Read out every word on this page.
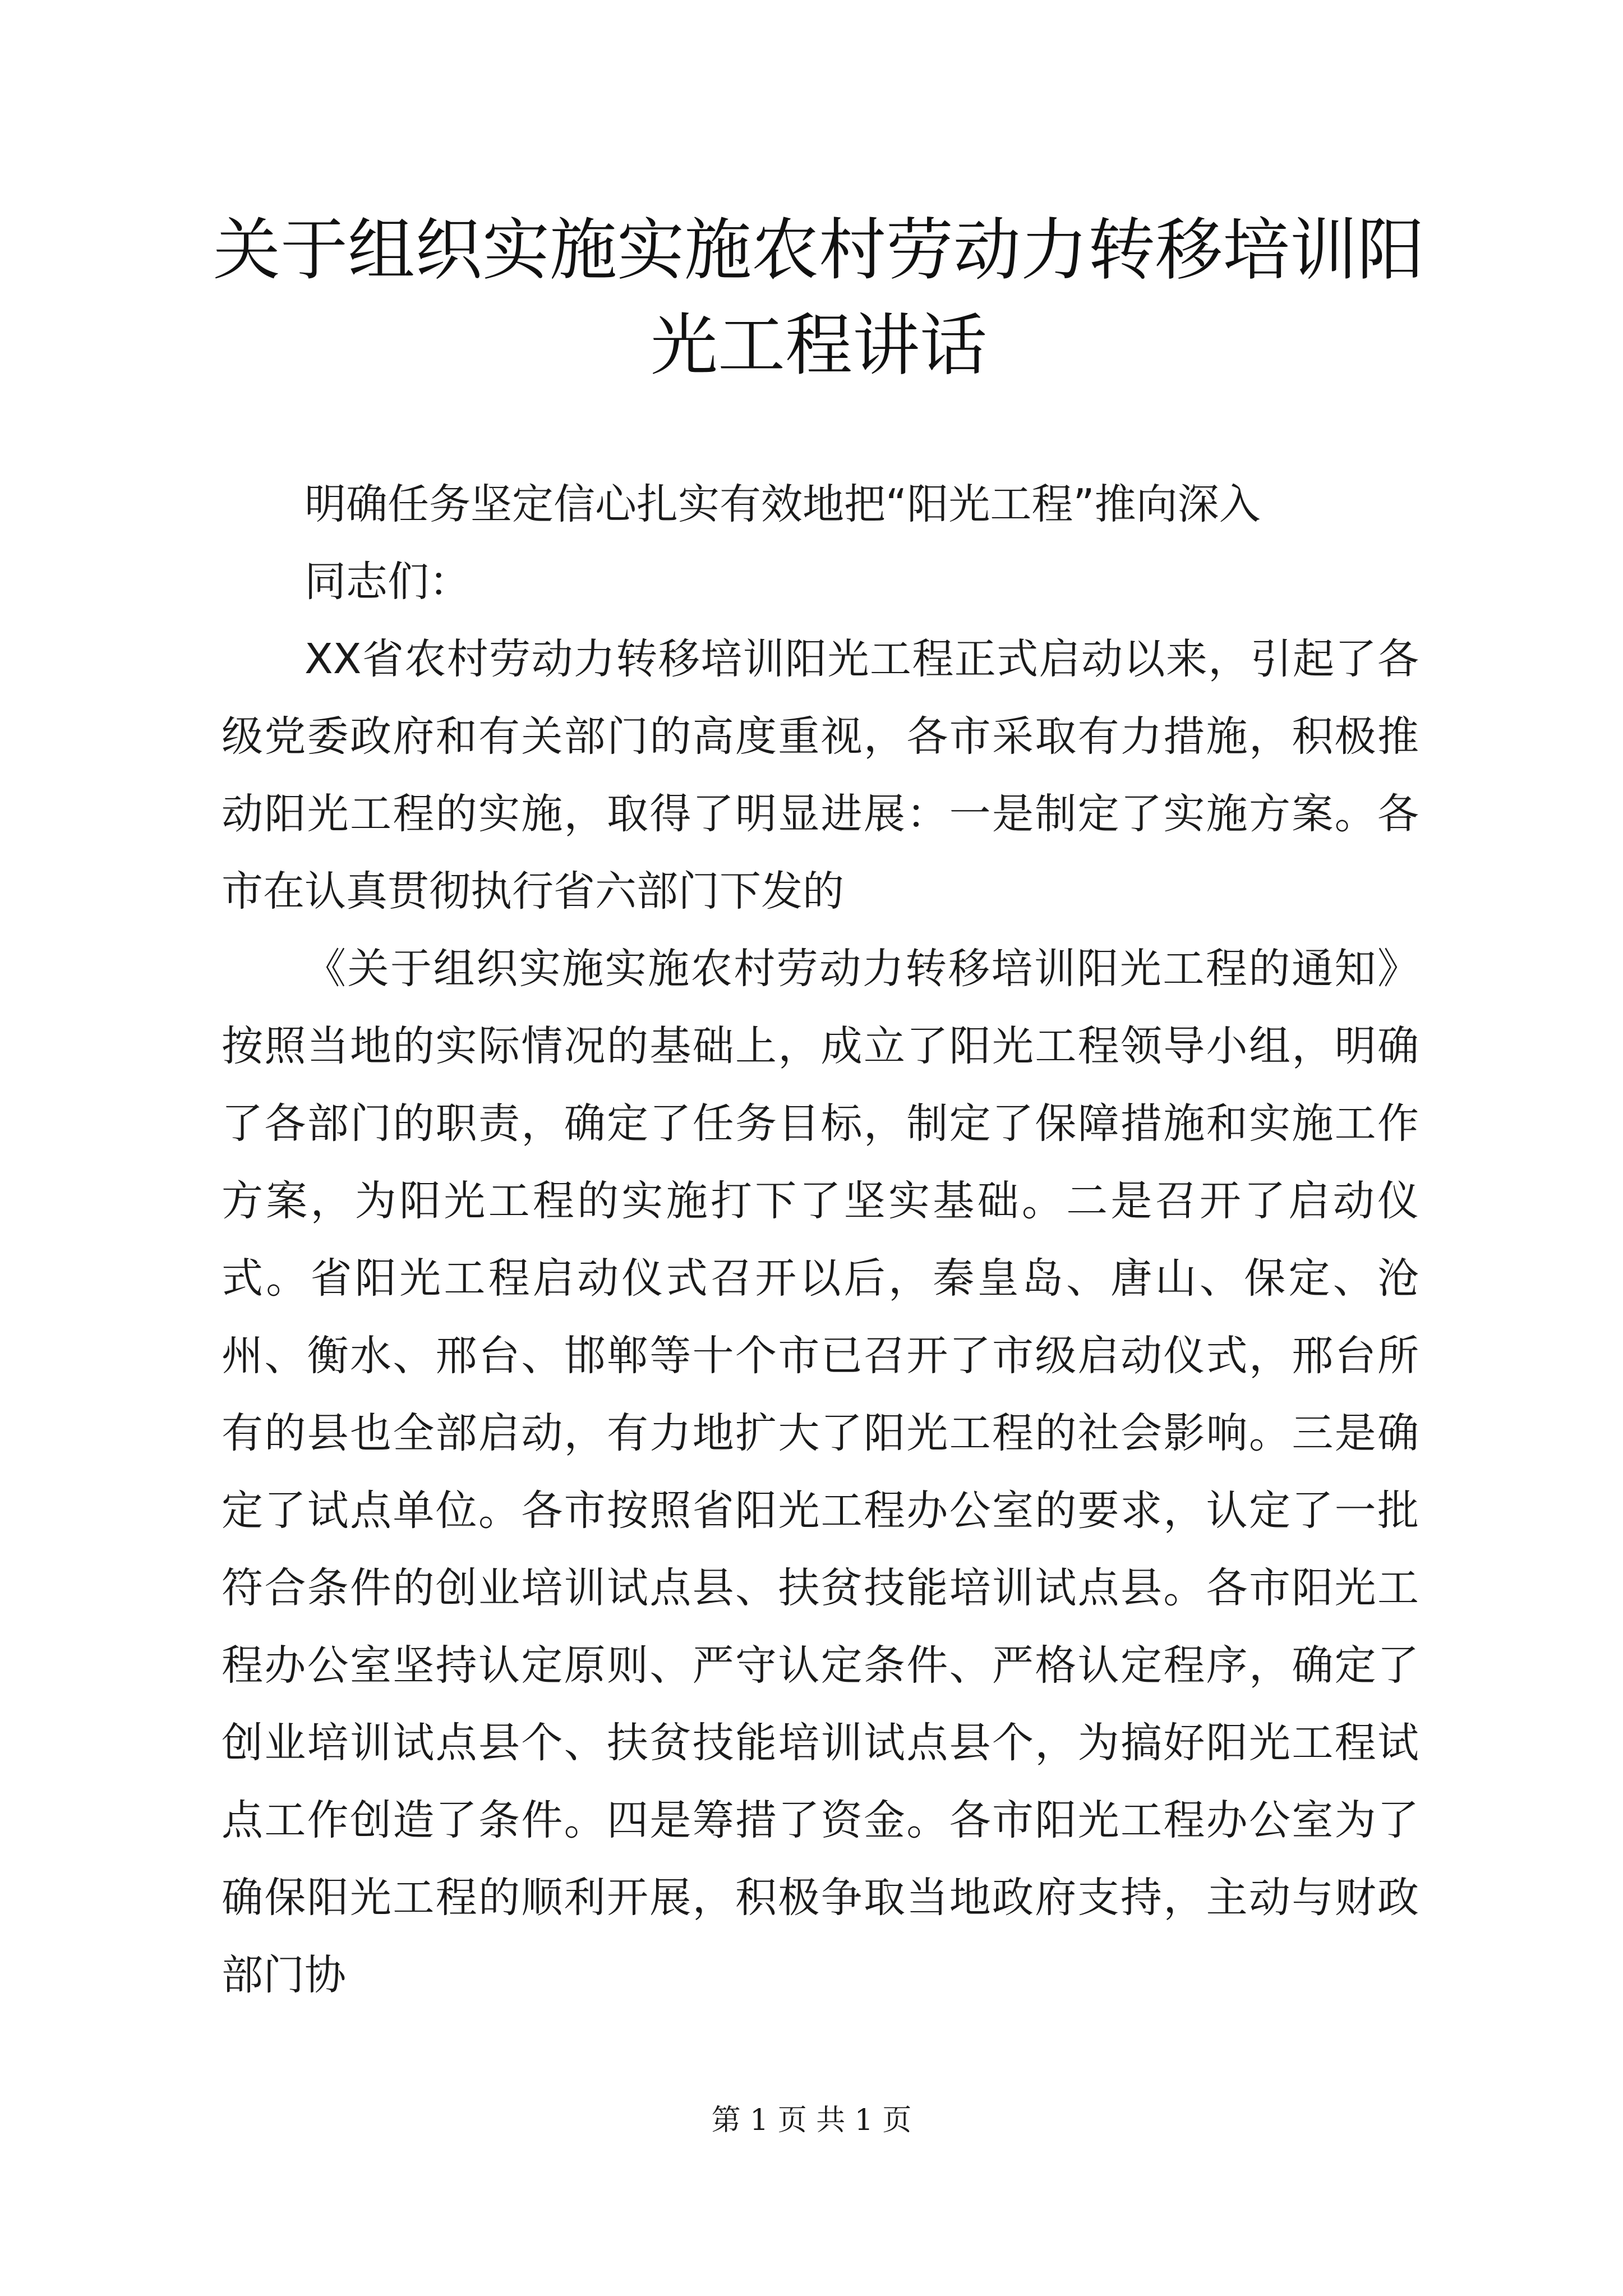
关于组织实施实施农村劳动力转移培训阳光工程讲话

明确任务坚定信心扎实有效地把“阳光工程”推向深入

同志们：

XX省农村劳动力转移培训阳光工程正式启动以来，引起了各级党委政府和有关部门的高度重视，各市采取有力措施，积极推动阳光工程的实施，取得了明显进展：一是制定了实施方案。各市在认真贯彻执行省六部门下发的

《关于组织实施实施农村劳动力转移培训阳光工程的通知》按照当地的实际情况的基础上，成立了阳光工程领导小组，明确了各部门的职责，确定了任务目标，制定了保障措施和实施工作方案，为阳光工程的实施打下了坚实基础。二是召开了启动仪式。省阳光工程启动仪式召开以后，秦皇岛、唐山、保定、沧州、衡水、邢台、邯郸等十个市已召开了市级启动仪式，邢台所有的县也全部启动，有力地扩大了阳光工程的社会影响。三是确定了试点单位。各市按照省阳光工程办公室的要求，认定了一批符合条件的创业培训试点县、扶贫技能培训试点县。各市阳光工程办公室坚持认定原则、严守认定条件、严格认定程序，确定了创业培训试点县个、扶贫技能培训试点县个，为搞好阳光工程试点工作创造了条件。四是筹措了资金。各市阳光工程办公室为了确保阳光工程的顺利开展，积极争取当地政府支持，主动与财政部门协

第 1 页 共 1 页
